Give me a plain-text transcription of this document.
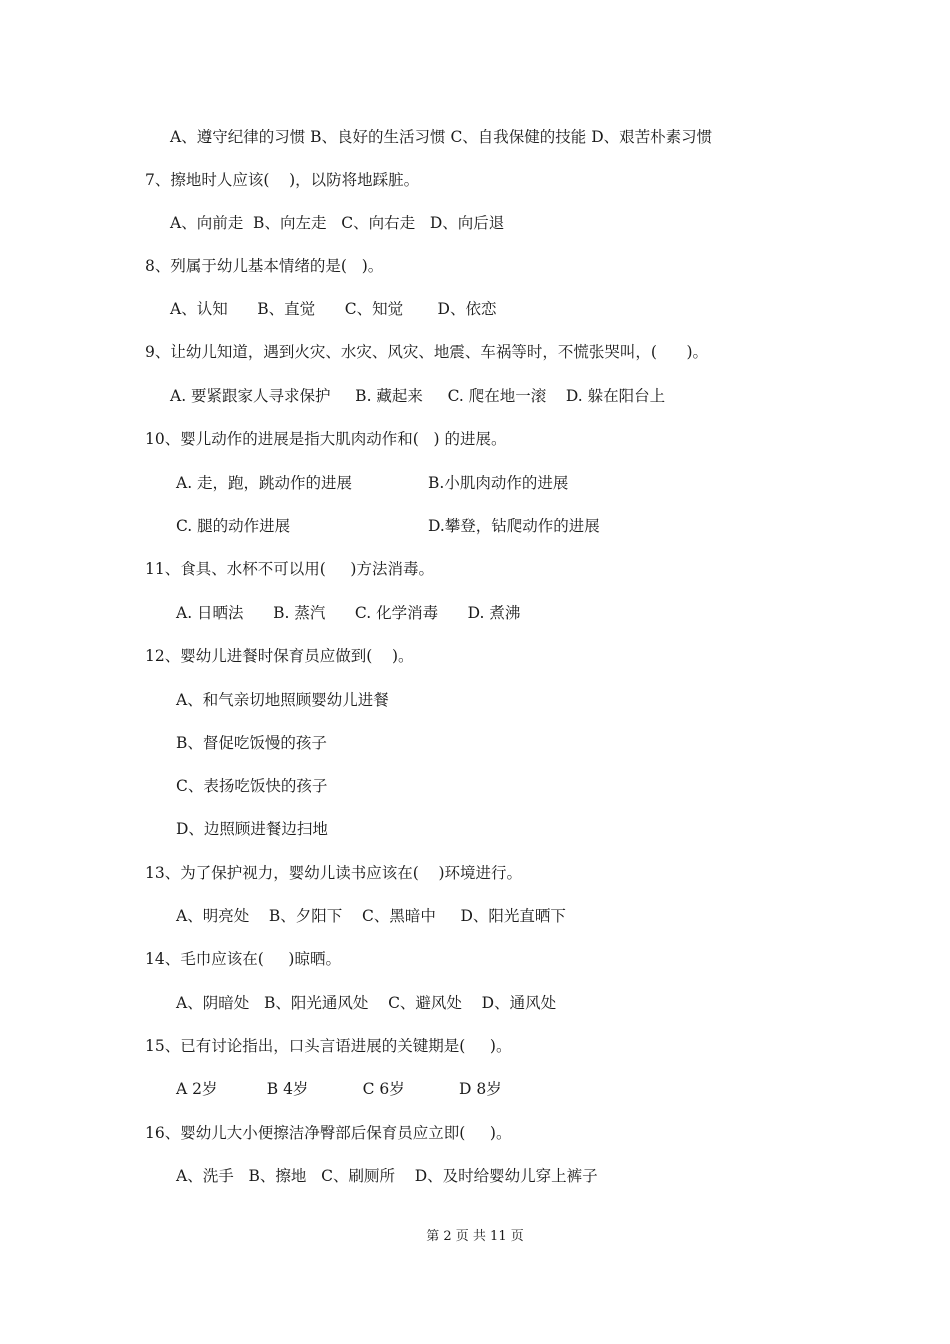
A、遵守纪律的习惯 B、良好的生活习惯 C、自我保健的技能 D、艰苦朴素习惯
7、擦地时人应该(    )，以防将地踩脏。
A、向前走  B、向左走   C、向右走   D、向后退
8、列属于幼儿基本情绪的是(   )。
A、认知      B、直觉      C、知觉       D、依恋
9、让幼儿知道，遇到火灾、水灾、风灾、地震、车祸等时，不慌张哭叫，(      )。
A. 要紧跟家人寻求保护     B. 藏起来     C. 爬在地一滚    D. 躲在阳台上
10、婴儿动作的进展是指大肌肉动作和(   ) 的进展。
A. 走，跑，跳动作的进展	B.小肌肉动作的进展
C. 腿的动作进展	D.攀登，钻爬动作的进展
11、食具、水杯不可以用(     )方法消毒。
A. 日晒法      B. 蒸汽      C. 化学消毒      D. 煮沸
12、婴幼儿进餐时保育员应做到(    )。
A、和气亲切地照顾婴幼儿进餐
B、督促吃饭慢的孩子
C、表扬吃饭快的孩子
D、边照顾进餐边扫地
13、为了保护视力，婴幼儿读书应该在(    )环境进行。
A、明亮处    B、夕阳下    C、黑暗中     D、阳光直晒下
14、毛巾应该在(     )晾晒。
A、阴暗处   B、阳光通风处    C、避风处    D、通风处
15、已有讨论指出，口头言语进展的关键期是(     )。
A 2岁          B 4岁           C 6岁           D 8岁
16、婴幼儿大小便擦洁净臀部后保育员应立即(     )。
A、洗手   B、擦地   C、刷厕所    D、及时给婴幼儿穿上裤子
第 2 页 共 11 页
